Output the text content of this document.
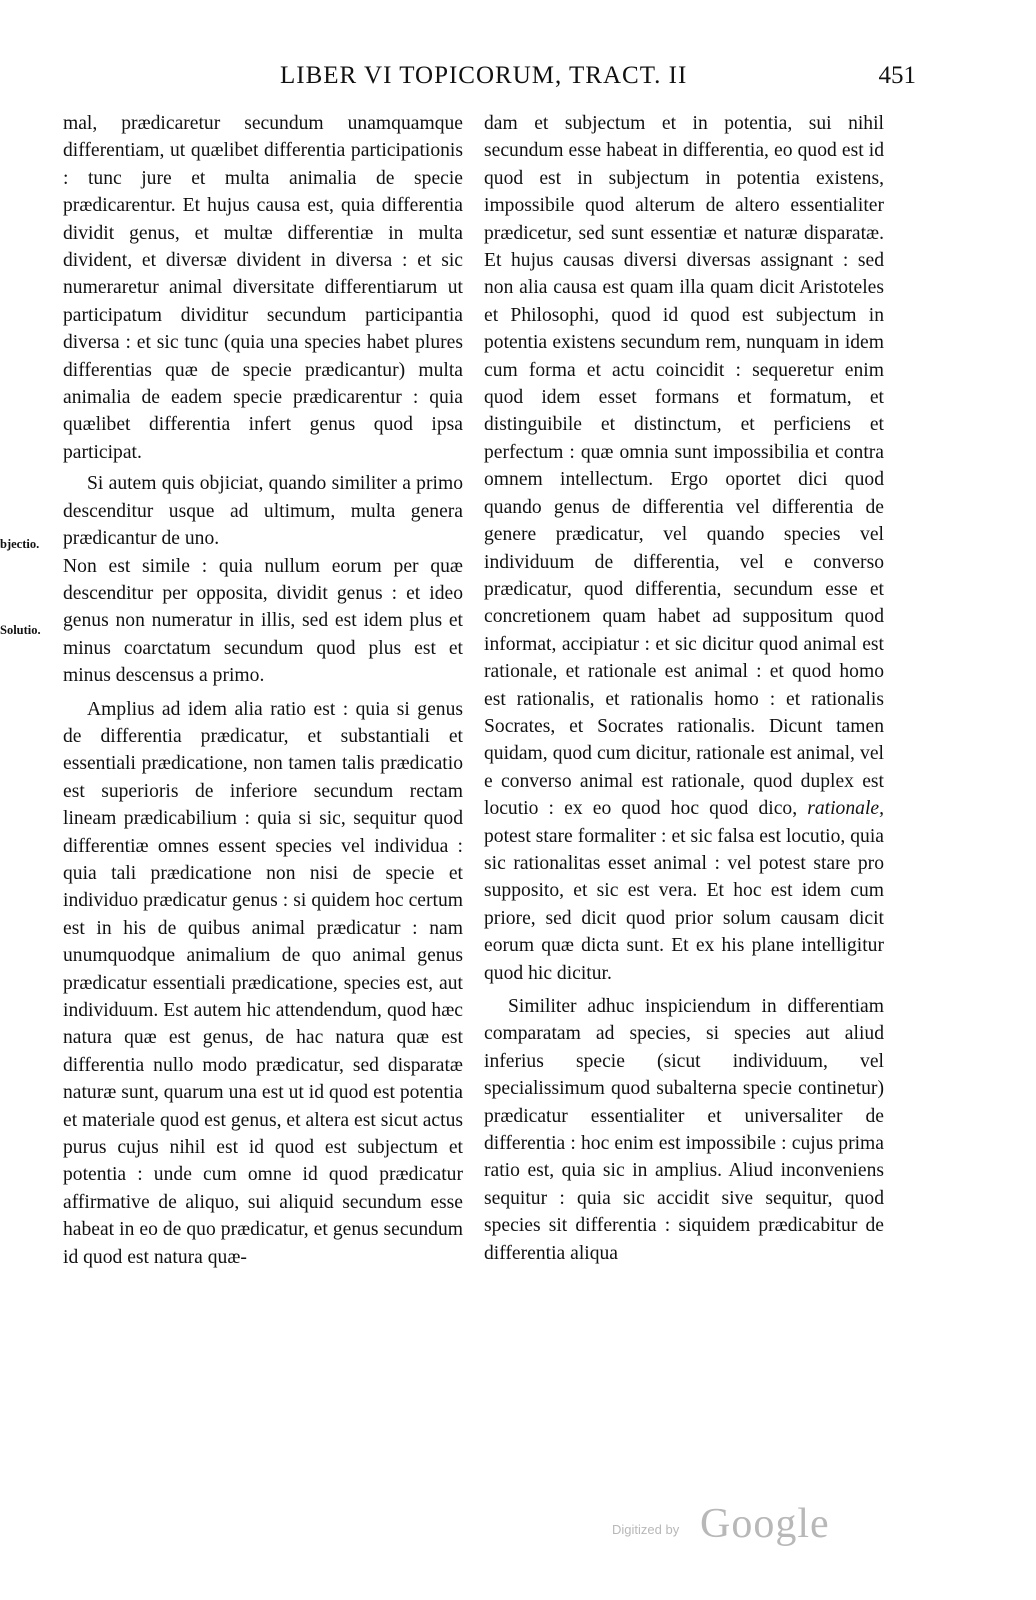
LIBER VI TOPICORUM, TRACT. II	451
bjectio.
Solutio.

mal, prædicaretur secundum unamquamque differentiam, ut quælibet differentia participationis : tunc jure et multa animalia de specie prædicarentur. Et hujus causa est, quia differentia dividit genus, et multæ differentiæ in multa divident, et diversæ divident in diversa : et sic numeraretur animal diversitate differentiarum ut participatum dividitur secundum participantia diversa : et sic tunc (quia una species habet plures differentias quæ de specie prædicantur) multa animalia de eadem specie prædicarentur : quia quælibet differentia infert genus quod ipsa participat.

Si autem quis objiciat, quando similiter a primo descenditur usque ad ultimum, multa genera prædicantur de uno.

Non est simile : quia nullum eorum per quæ descenditur per opposita, dividit genus : et ideo genus non numeratur in illis, sed est idem plus et minus coarctatum secundum quod plus est et minus descensus a primo.

Amplius ad idem alia ratio est : quia si genus de differentia prædicatur, et substantiali et essentiali prædicatione, non tamen talis prædicatio est superioris de inferiore secundum rectam lineam prædicabilium : quia si sic, sequitur quod differentiæ omnes essent species vel individua : quia tali prædicatione non nisi de specie et individuo prædicatur genus : si quidem hoc certum est in his de quibus animal prædicatur : nam unumquodque animalium de quo animal genus prædicatur essentiali prædicatione, species est, aut individuum. Est autem hic attendendum, quod hæc natura quæ est genus, de hac natura quæ est differentia nullo modo prædicatur, sed disparatæ naturæ sunt, quarum una est ut id quod est potentia et materiale quod est genus, et altera est sicut actus purus cujus nihil est id quod est subjectum et potentia : unde cum omne id quod prædicatur affirmative de aliquo, sui aliquid secundum esse habeat in eo de quo prædicatur, et genus secundum id quod est natura quæ-

dam et subjectum et in potentia, sui nihil secundum esse habeat in differentia, eo quod est id quod est in subjectum in potentia existens, impossibile quod alterum de altero essentialiter prædicetur, sed sunt essentiæ et naturæ disparatæ. Et hujus causas diversi diversas assignant : sed non alia causa est quam illa quam dicit Aristoteles et Philosophi, quod id quod est subjectum in potentia existens secundum rem, nunquam in idem cum forma et actu coincidit : sequeretur enim quod idem esset formans et formatum, et distinguibile et distinctum, et perficiens et perfectum : quæ omnia sunt impossibilia et contra omnem intellectum. Ergo oportet dici quod quando genus de differentia vel differentia de genere prædicatur, vel quando species vel individuum de differentia, vel e converso prædicatur, quod differentia, secundum esse et concretionem quam habet ad suppositum quod informat, accipiatur : et sic dicitur quod animal est rationale, et rationale est animal : et quod homo est rationalis, et rationalis homo : et rationalis Socrates, et Socrates rationalis. Dicunt tamen quidam, quod cum dicitur, rationale est animal, vel e converso animal est rationale, quod duplex est locutio : ex eo quod hoc quod dico, rationale, potest stare formaliter : et sic falsa est locutio, quia sic rationalitas esset animal : vel potest stare pro supposito, et sic est vera. Et hoc est idem cum priore, sed dicit quod prior solum causam dicit eorum quæ dicta sunt. Et ex his plane intelligitur quod hic dicitur.

Similiter adhuc inspiciendum in differentiam comparatam ad species, si species aut aliud inferius specie (sicut individuum, vel specialissimum quod subalterna specie continetur) prædicatur essentialiter et universaliter de differentia : hoc enim est impossibile : cujus prima ratio est, quia sic in amplius. Aliud inconveniens sequitur : quia sic accidit sive sequitur, quod species sit differentia : siquidem prædicabitur de differentia aliqua

Digitized by Google
